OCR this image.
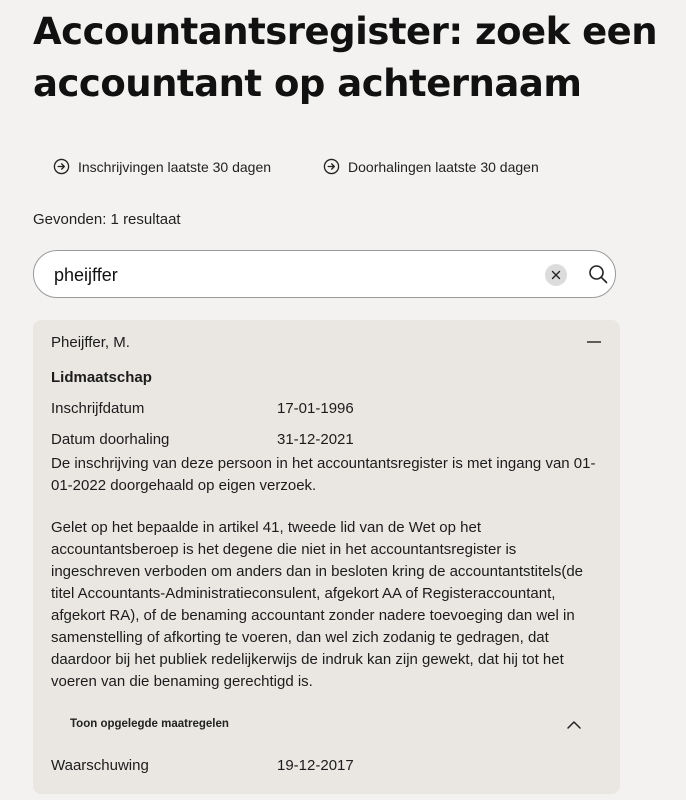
Accountantsregister: zoek een accountant op achternaam
Inschrijvingen laatste 30 dagen	Doorhalingen laatste 30 dagen
Gevonden: 1 resultaat
pheijffer
Pheijffer, M.
Lidmaatschap
Inschrijfdatum	17-01-1996
Datum doorhaling	31-12-2021

De inschrijving van deze persoon in het accountantsregister is met ingang van 01-01-2022 doorgehaald op eigen verzoek.

Gelet op het bepaalde in artikel 41, tweede lid van de Wet op het accountantsberoep is het degene die niet in het accountantsregister is ingeschreven verboden om anders dan in besloten kring de accountantstitels(de titel Accountants-Administratieconsulent, afgekort AA of Registeraccountant, afgekort RA), of de benaming accountant zonder nadere toevoeging dan wel in samenstelling of afkorting te voeren, dan wel zich zodanig te gedragen, dat daardoor bij het publiek redelijkerwijs de indruk kan zijn gewekt, dat hij tot het voeren van die benaming gerechtigd is.

Toon opgelegde maatregelen
Waarschuwing	19-12-2017
